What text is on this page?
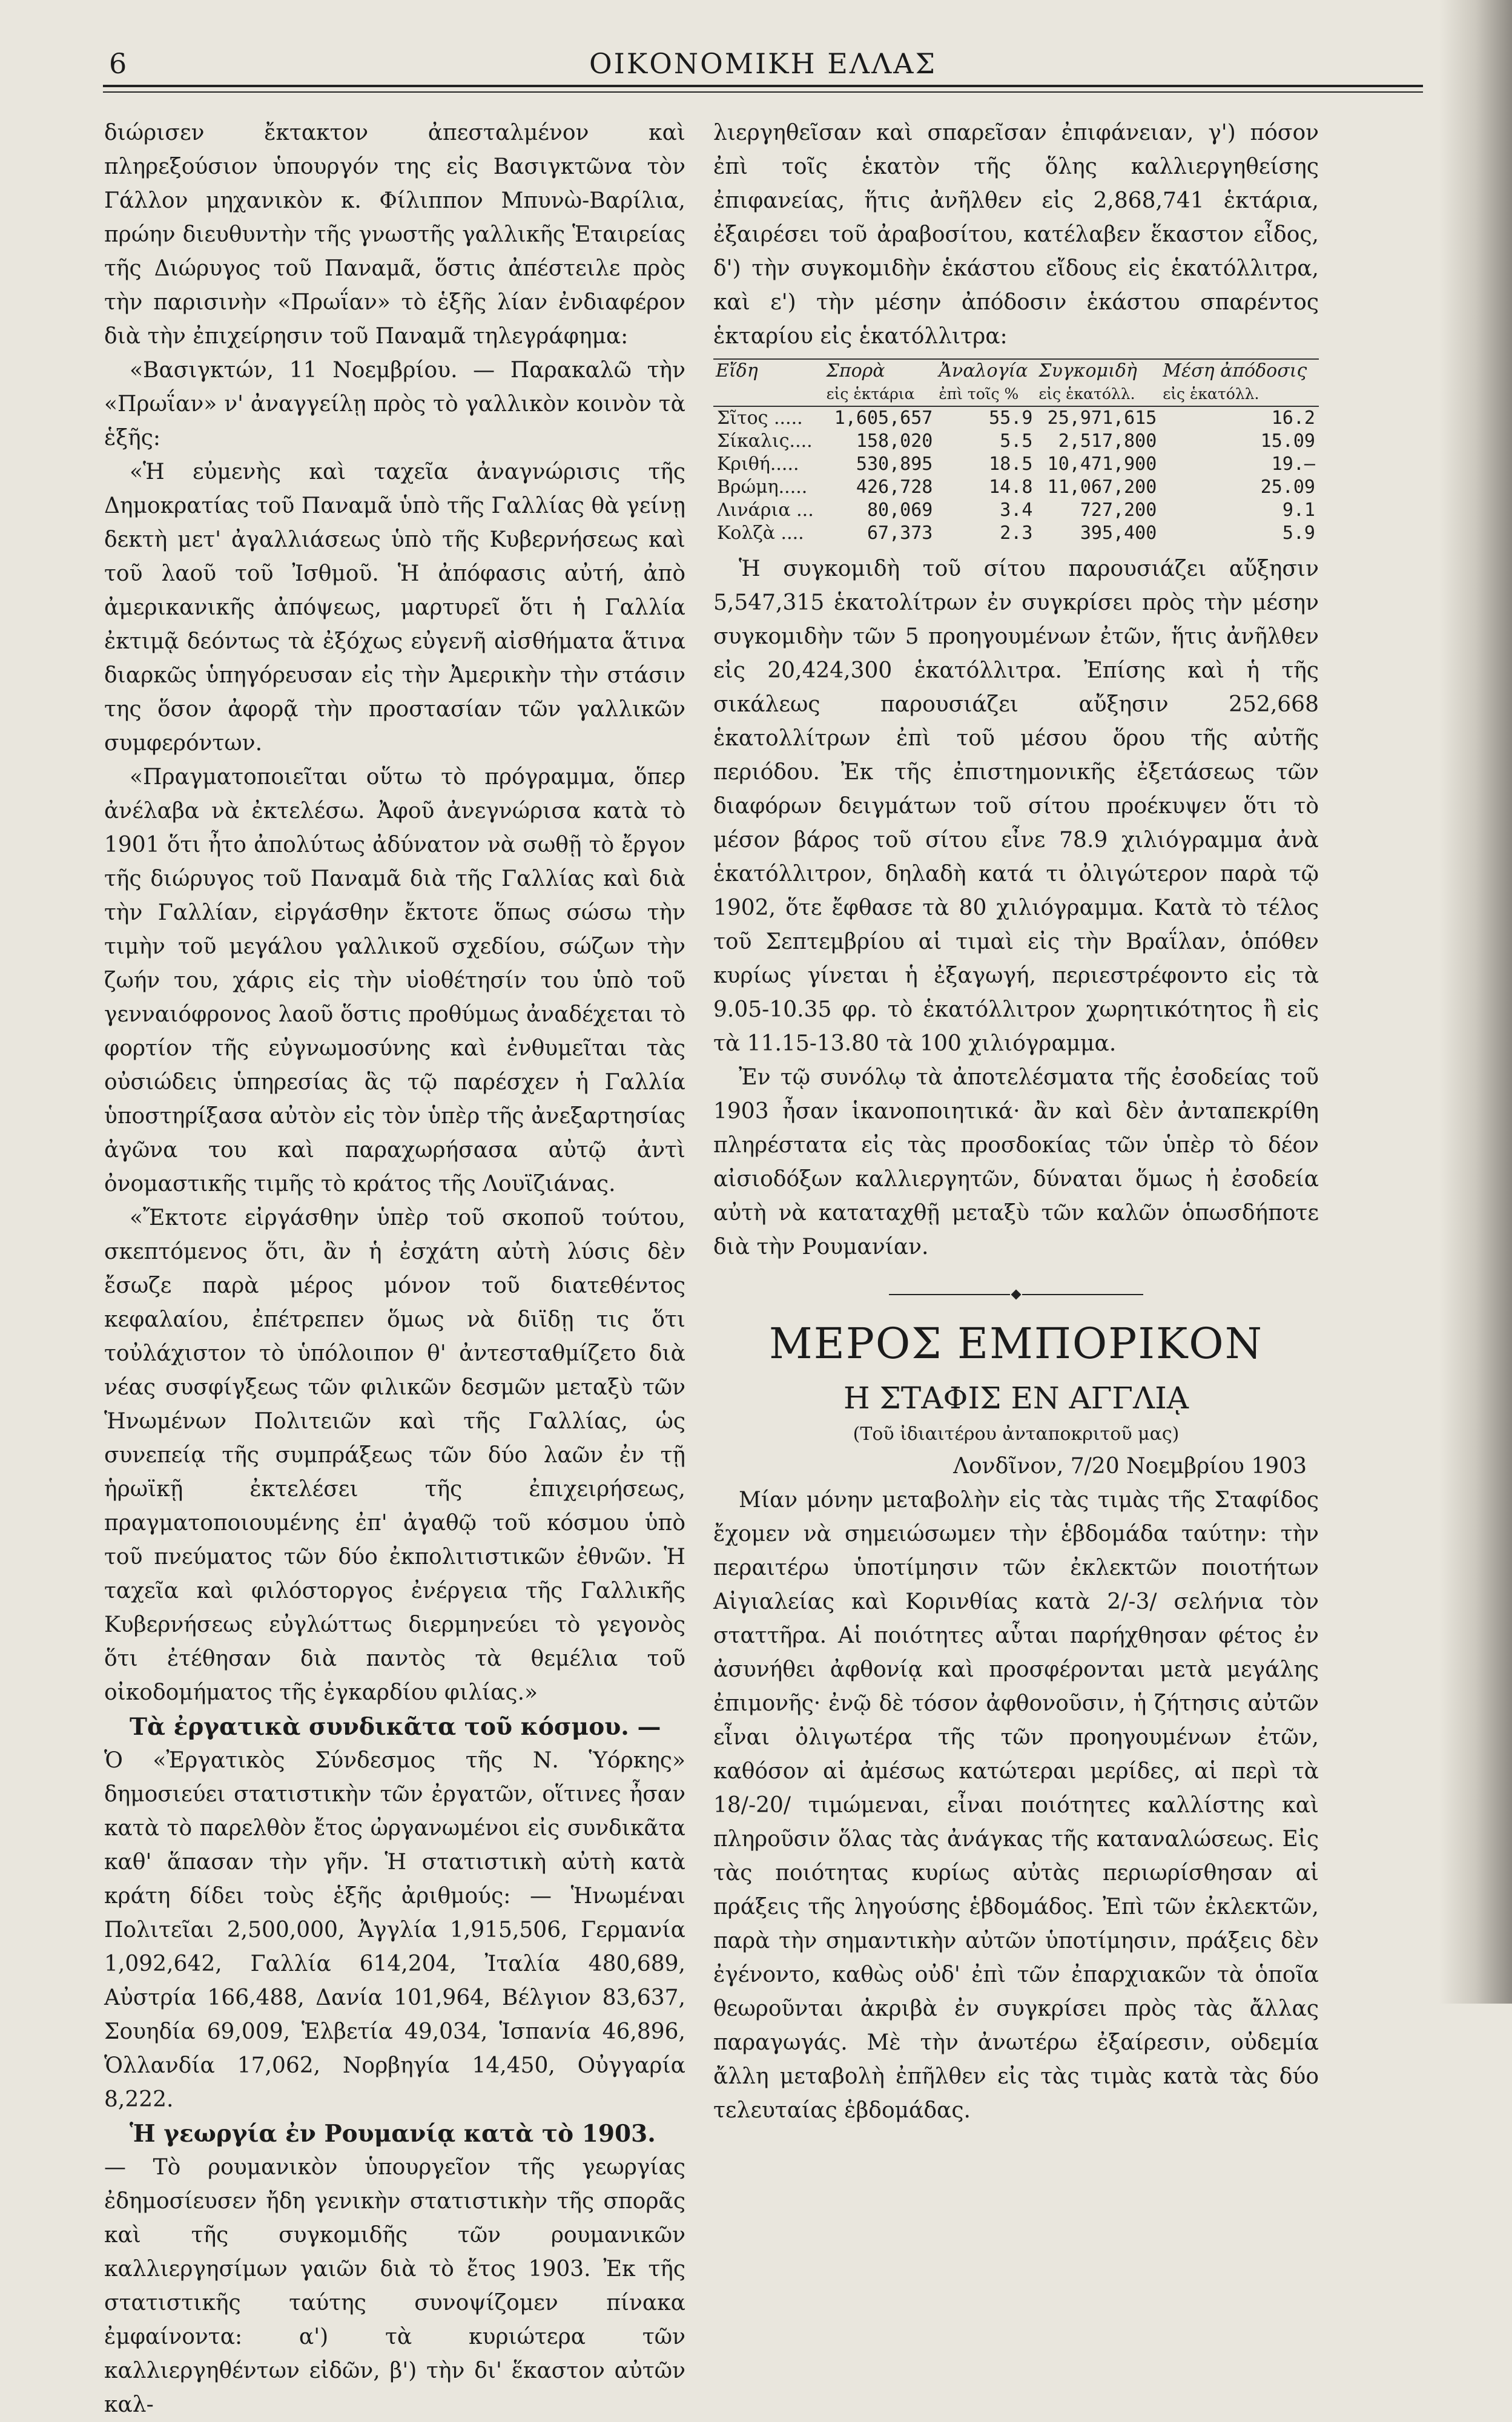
6	ΟΙΚΟΝΟΜΙΚΗ ΕΛΛΑΣ

διώρισεν ἔκτακτον ἀπεσταλμένον καὶ πληρεξούσιον ὑπουργόν της εἰς Βασιγκτῶνα τὸν Γάλλον μηχανικὸν κ. Φίλιππον Μπυνὼ-Βαρίλια, πρώην διευθυντὴν τῆς γνωστῆς γαλλικῆς Ἑταιρείας τῆς Διώρυγος τοῦ Παναμᾶ, ὅστις ἀπέστειλε πρὸς τὴν παρισινὴν «Πρωΐαν» τὸ ἑξῆς λίαν ἐνδιαφέρον διὰ τὴν ἐπιχείρησιν τοῦ Παναμᾶ τηλεγράφημα:

«Βασιγκτών, 11 Νοεμβρίου. — Παρακαλῶ τὴν «Πρωΐαν» ν' ἀναγγείλῃ πρὸς τὸ γαλλικὸν κοινὸν τὰ ἑξῆς:

«Ἡ εὐμενὴς καὶ ταχεῖα ἀναγνώρισις τῆς Δημοκρατίας τοῦ Παναμᾶ ὑπὸ τῆς Γαλλίας θὰ γείνῃ δεκτὴ μετ' ἀγαλλιάσεως ὑπὸ τῆς Κυβερνήσεως καὶ τοῦ λαοῦ τοῦ Ἰσθμοῦ. Ἡ ἀπόφασις αὐτή, ἀπὸ ἀμερικανικῆς ἀπόψεως, μαρτυρεῖ ὅτι ἡ Γαλλία ἐκτιμᾷ δεόντως τὰ ἐξόχως εὐγενῆ αἰσθήματα ἅτινα διαρκῶς ὑπηγόρευσαν εἰς τὴν Ἀμερικὴν τὴν στάσιν της ὅσον ἀφορᾷ τὴν προστασίαν τῶν γαλλικῶν συμφερόντων.

«Πραγματοποιεῖται οὕτω τὸ πρόγραμμα, ὅπερ ἀνέλαβα νὰ ἐκτελέσω. Ἀφοῦ ἀνεγνώρισα κατὰ τὸ 1901 ὅτι ἦτο ἀπολύτως ἀδύνατον νὰ σωθῇ τὸ ἔργον τῆς διώρυγος τοῦ Παναμᾶ διὰ τῆς Γαλλίας καὶ διὰ τὴν Γαλλίαν, εἰργάσθην ἔκτοτε ὅπως σώσω τὴν τιμὴν τοῦ μεγάλου γαλλικοῦ σχεδίου, σώζων τὴν ζωήν του, χάρις εἰς τὴν υἱοθέτησίν του ὑπὸ τοῦ γενναιόφρονος λαοῦ ὅστις προθύμως ἀναδέχεται τὸ φορτίον τῆς εὐγνωμοσύνης καὶ ἐνθυμεῖται τὰς οὐσιώδεις ὑπηρεσίας ἃς τῷ παρέσχεν ἡ Γαλλία ὑποστηρίξασα αὐτὸν εἰς τὸν ὑπὲρ τῆς ἀνεξαρτησίας ἀγῶνα του καὶ παραχωρήσασα αὐτῷ ἀντὶ ὀνομαστικῆς τιμῆς τὸ κράτος τῆς Λουϊζιάνας.

«Ἔκτοτε εἰργάσθην ὑπὲρ τοῦ σκοποῦ τούτου, σκεπτόμενος ὅτι, ἂν ἡ ἐσχάτη αὐτὴ λύσις δὲν ἔσωζε παρὰ μέρος μόνον τοῦ διατεθέντος κεφαλαίου, ἐπέτρεπεν ὅμως νὰ διϊδῃ τις ὅτι τοὐλάχιστον τὸ ὑπόλοιπον θ' ἀντεσταθμίζετο διὰ νέας συσφίγξεως τῶν φιλικῶν δεσμῶν μεταξὺ τῶν Ἡνωμένων Πολιτειῶν καὶ τῆς Γαλλίας, ὡς συνεπείᾳ τῆς συμπράξεως τῶν δύο λαῶν ἐν τῇ ἡρωϊκῇ ἐκτελέσει τῆς ἐπιχειρήσεως, πραγματοποιουμένης ἐπ' ἀγαθῷ τοῦ κόσμου ὑπὸ τοῦ πνεύματος τῶν δύο ἐκπολιτιστικῶν ἐθνῶν. Ἡ ταχεῖα καὶ φιλόστοργος ἐνέργεια τῆς Γαλλικῆς Κυβερνήσεως εὐγλώττως διερμηνεύει τὸ γεγονὸς ὅτι ἐτέθησαν διὰ παντὸς τὰ θεμέλια τοῦ οἰκοδομήματος τῆς ἐγκαρδίου φιλίας.»

Τὰ ἐργατικὰ συνδικᾶτα τοῦ κόσμου. —

Ὁ «Ἐργατικὸς Σύνδεσμος τῆς Ν. Ὑόρκης» δημοσιεύει στατιστικὴν τῶν ἐργατῶν, οἵτινες ἦσαν κατὰ τὸ παρελθὸν ἔτος ὠργανωμένοι εἰς συνδικᾶτα καθ' ἅπασαν τὴν γῆν. Ἡ στατιστικὴ αὐτὴ κατὰ κράτη δίδει τοὺς ἑξῆς ἀριθμούς: — Ἡνωμέναι Πολιτεῖαι 2,500,000, Ἀγγλία 1,915,506, Γερμανία 1,092,642, Γαλλία 614,204, Ἰταλία 480,689, Αὐστρία 166,488, Δανία 101,964, Βέλγιον 83,637, Σουηδία 69,009, Ἑλβετία 49,034, Ἱσπανία 46,896, Ὁλλανδία 17,062, Νορβηγία 14,450, Οὐγγαρία 8,222.

Ἡ γεωργία ἐν Ρουμανίᾳ κατὰ τὸ 1903.

— Τὸ ρουμανικὸν ὑπουργεῖον τῆς γεωργίας ἐδημοσίευσεν ἤδη γενικὴν στατιστικὴν τῆς σπορᾶς καὶ τῆς συγκομιδῆς τῶν ρουμανικῶν καλλιεργησίμων γαιῶν διὰ τὸ ἔτος 1903. Ἐκ τῆς στατιστικῆς ταύτης συνοψίζομεν πίνακα ἐμφαίνοντα: α') τὰ κυριώτερα τῶν καλλιεργηθέντων εἰδῶν, β') τὴν δι' ἕκαστον αὐτῶν καλ-

λιεργηθεῖσαν καὶ σπαρεῖσαν ἐπιφάνειαν, γ') πόσον ἐπὶ τοῖς ἑκατὸν τῆς ὅλης καλλιεργηθείσης ἐπιφανείας, ἥτις ἀνῆλθεν εἰς 2,868,741 ἑκτάρια, ἐξαιρέσει τοῦ ἀραβοσίτου, κατέλαβεν ἕκαστον εἶδος, δ') τὴν συγκομιδὴν ἑκάστου εἴδους εἰς ἑκατόλλιτρα, καὶ ε') τὴν μέσην ἀπόδοσιν ἑκάστου σπαρέντος ἑκταρίου εἰς ἑκατόλλιτρα:

Εἴδη	Σπορὰ	Ἀναλογία	Συγκομιδὴ	Μέση ἀπόδοσις
	εἰς ἑκτάρια	ἐπὶ τοῖς %	εἰς ἑκατόλλ.	εἰς ἑκατόλλ.
Σῖτος .....	1,605,657	55.9	25,971,615	16.2
Σίκαλις....	158,020	5.5	2,517,800	15.09
Κριθή.....	530,895	18.5	10,471,900	19.—
Βρώμη.....	426,728	14.8	11,067,200	25.09
Λινάρια ...	80,069	3.4	727,200	9.1
Κολζὰ ....	67,373	2.3	395,400	5.9

Ἡ συγκομιδὴ τοῦ σίτου παρουσιάζει αὔξησιν 5,547,315 ἑκατολίτρων ἐν συγκρίσει πρὸς τὴν μέσην συγκομιδὴν τῶν 5 προηγουμένων ἐτῶν, ἥτις ἀνῆλθεν εἰς 20,424,300 ἑκατόλλιτρα. Ἐπίσης καὶ ἡ τῆς σικάλεως παρουσιάζει αὔξησιν 252,668 ἑκατολλίτρων ἐπὶ τοῦ μέσου ὅρου τῆς αὐτῆς περιόδου. Ἐκ τῆς ἐπιστημονικῆς ἐξετάσεως τῶν διαφόρων δειγμάτων τοῦ σίτου προέκυψεν ὅτι τὸ μέσον βάρος τοῦ σίτου εἶνε 78.9 χιλιόγραμμα ἀνὰ ἑκατόλλιτρον, δηλαδὴ κατά τι ὀλιγώτερον παρὰ τῷ 1902, ὅτε ἔφθασε τὰ 80 χιλιόγραμμα. Κατὰ τὸ τέλος τοῦ Σεπτεμβρίου αἱ τιμαὶ εἰς τὴν Βραΐλαν, ὁπόθεν κυρίως γίνεται ἡ ἐξαγωγή, περιεστρέφοντο εἰς τὰ 9.05-10.35 φρ. τὸ ἑκατόλλιτρον χωρητικότητος ἢ εἰς τὰ 11.15-13.80 τὰ 100 χιλιόγραμμα.

Ἐν τῷ συνόλῳ τὰ ἀποτελέσματα τῆς ἐσοδείας τοῦ 1903 ἦσαν ἱκανοποιητικά· ἂν καὶ δὲν ἀνταπεκρίθη πληρέστατα εἰς τὰς προσδοκίας τῶν ὑπὲρ τὸ δέον αἰσιοδόξων καλλιεργητῶν, δύναται ὅμως ἡ ἐσοδεία αὐτὴ νὰ καταταχθῇ μεταξὺ τῶν καλῶν ὁπωσδήποτε διὰ τὴν Ρουμανίαν.

ΜΕΡΟΣ ΕΜΠΟΡΙΚΟΝ
Η ΣΤΑΦΙΣ ΕΝ ΑΓΓΛΙᾼ
(Τοῦ ἰδιαιτέρου ἀνταποκριτοῦ μας)
Λονδῖνον, 7/20 Νοεμβρίου 1903

Μίαν μόνην μεταβολὴν εἰς τὰς τιμὰς τῆς Σταφίδος ἔχομεν νὰ σημειώσωμεν τὴν ἑβδομάδα ταύτην: τὴν περαιτέρω ὑποτίμησιν τῶν ἐκλεκτῶν ποιοτήτων Αἰγιαλείας καὶ Κορινθίας κατὰ 2/-3/ σελήνια τὸν σταττῆρα. Αἱ ποιότητες αὗται παρήχθησαν φέτος ἐν ἀσυνήθει ἀφθονίᾳ καὶ προσφέρονται μετὰ μεγάλης ἐπιμονῆς· ἐνῷ δὲ τόσον ἀφθονοῦσιν, ἡ ζήτησις αὐτῶν εἶναι ὀλιγωτέρα τῆς τῶν προηγουμένων ἐτῶν, καθόσον αἱ ἀμέσως κατώτεραι μερίδες, αἱ περὶ τὰ 18/-20/ τιμώμεναι, εἶναι ποιότητες καλλίστης καὶ πληροῦσιν ὅλας τὰς ἀνάγκας τῆς καταναλώσεως. Εἰς τὰς ποιότητας κυρίως αὐτὰς περιωρίσθησαν αἱ πράξεις τῆς ληγούσης ἑβδομάδος. Ἐπὶ τῶν ἐκλεκτῶν, παρὰ τὴν σημαντικὴν αὐτῶν ὑποτίμησιν, πράξεις δὲν ἐγένοντο, καθὼς οὐδ' ἐπὶ τῶν ἐπαρχιακῶν τὰ ὁποῖα θεωροῦνται ἀκριβὰ ἐν συγκρίσει πρὸς τὰς ἄλλας παραγωγάς. Μὲ τὴν ἀνωτέρω ἐξαίρεσιν, οὐδεμία ἄλλη μεταβολὴ ἐπῆλθεν εἰς τὰς τιμὰς κατὰ τὰς δύο τελευταίας ἑβδομάδας.
